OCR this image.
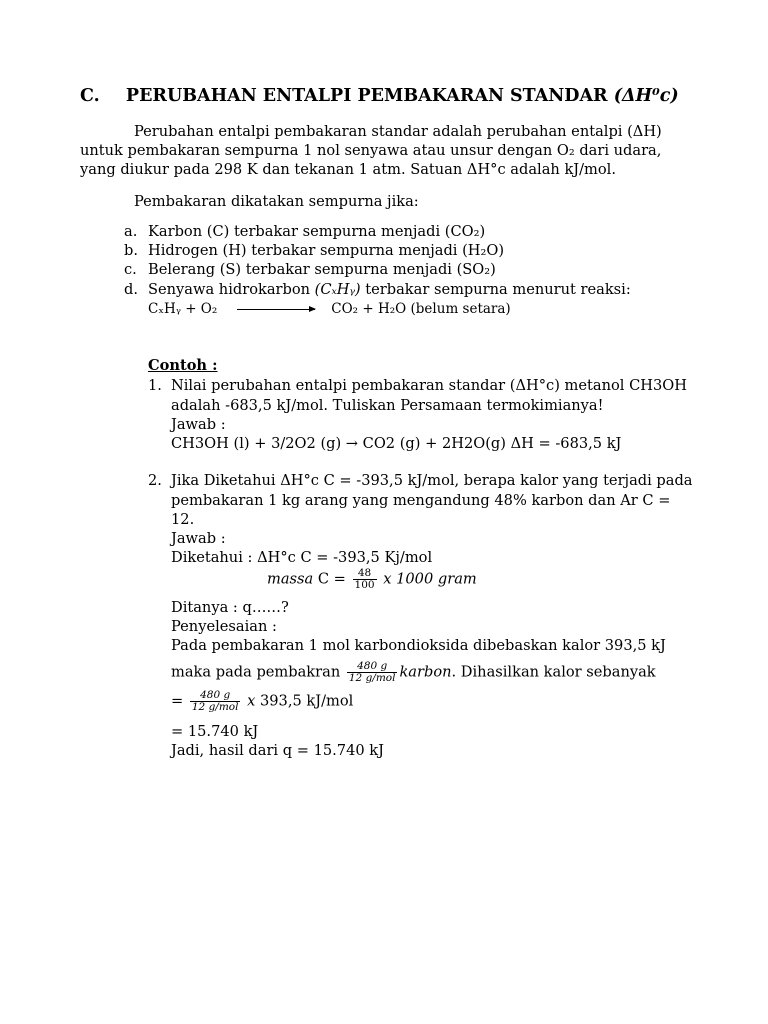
C. PERUBAHAN ENTALPI PEMBAKARAN STANDAR (ΔH⁰c)
Perubahan entalpi pembakaran standar adalah perubahan entalpi (ΔH)
untuk pembakaran sempurna 1 nol senyawa atau unsur dengan O₂ dari udara,
yang diukur pada 298 K dan tekanan 1 atm. Satuan ΔH°c adalah kJ/mol.
Pembakaran dikatakan sempurna jika:
a. Karbon (C) terbakar sempurna menjadi (CO₂)
b. Hidrogen (H) terbakar sempurna menjadi (H₂O)
c. Belerang (S) terbakar sempurna menjadi (SO₂)
d. Senyawa hidrokarbon (CₓHᵧ) terbakar sempurna menurut reaksi:
CₓHᵧ + O₂	CO₂ + H₂O (belum setara)
Contoh :
1. Nilai perubahan entalpi pembakaran standar (ΔH°c) metanol CH3OH
adalah -683,5 kJ/mol. Tuliskan Persamaan termokimianya!
Jawab :
CH3OH (l) + 3/2O2 (g) → CO2 (g) + 2H2O(g) ΔH = -683,5 kJ
2. Jika Diketahui ΔH°c C = -393,5 kJ/mol, berapa kalor yang terjadi pada
pembakaran 1 kg arang yang mengandung 48% karbon dan Ar C =
12.
Jawab :
Diketahui : ΔH°c C = -393,5 Kj/mol
massa $C = \frac{48}{100}$ x 1000 gram
Ditanya : q……?
Penyelesaian :
Pada pembakaran 1 mol karbondioksida dibebaskan kalor 393,5 kJ
maka pada pembakran $\frac{480 g}{\text{12 g/mol}}$ karbon. Dihasilkan kalor sebanyak
= $\frac{480 g}{\text{12 g/mol}}$ x 393,5 kJ/mol
= 15.740 kJ
Jadi, hasil dari q = 15.740 kJ
